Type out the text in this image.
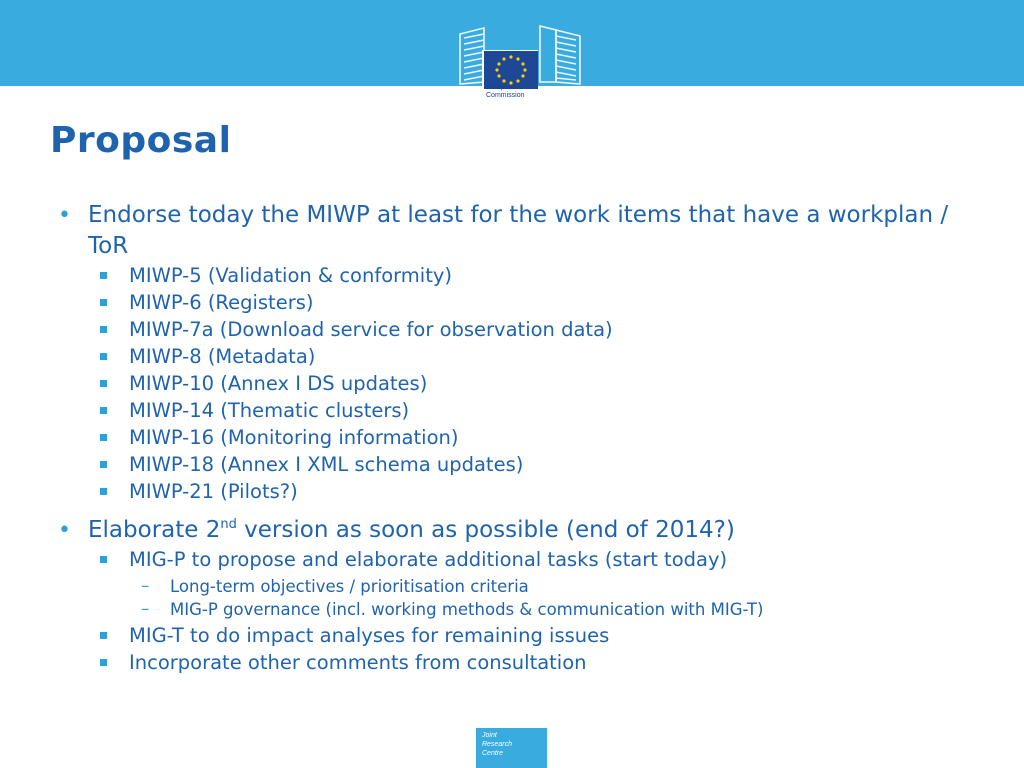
European
Commission
Proposal
• Endorse today the MIWP at least for the work items that have a workplan / ToR
MIWP-5 (Validation & conformity)
MIWP-6 (Registers)
MIWP-7a (Download service for observation data)
MIWP-8 (Metadata)
MIWP-10 (Annex I DS updates)
MIWP-14 (Thematic clusters)
MIWP-16 (Monitoring information)
MIWP-18 (Annex I XML schema updates)
MIWP-21 (Pilots?)
• Elaborate 2nd version as soon as possible (end of 2014?)
MIG-P to propose and elaborate additional tasks (start today)
– Long-term objectives / prioritisation criteria
– MIG-P governance (incl. working methods & communication with MIG-T)
MIG-T to do impact analyses for remaining issues
Incorporate other comments from consultation
Joint
Research
Centre
